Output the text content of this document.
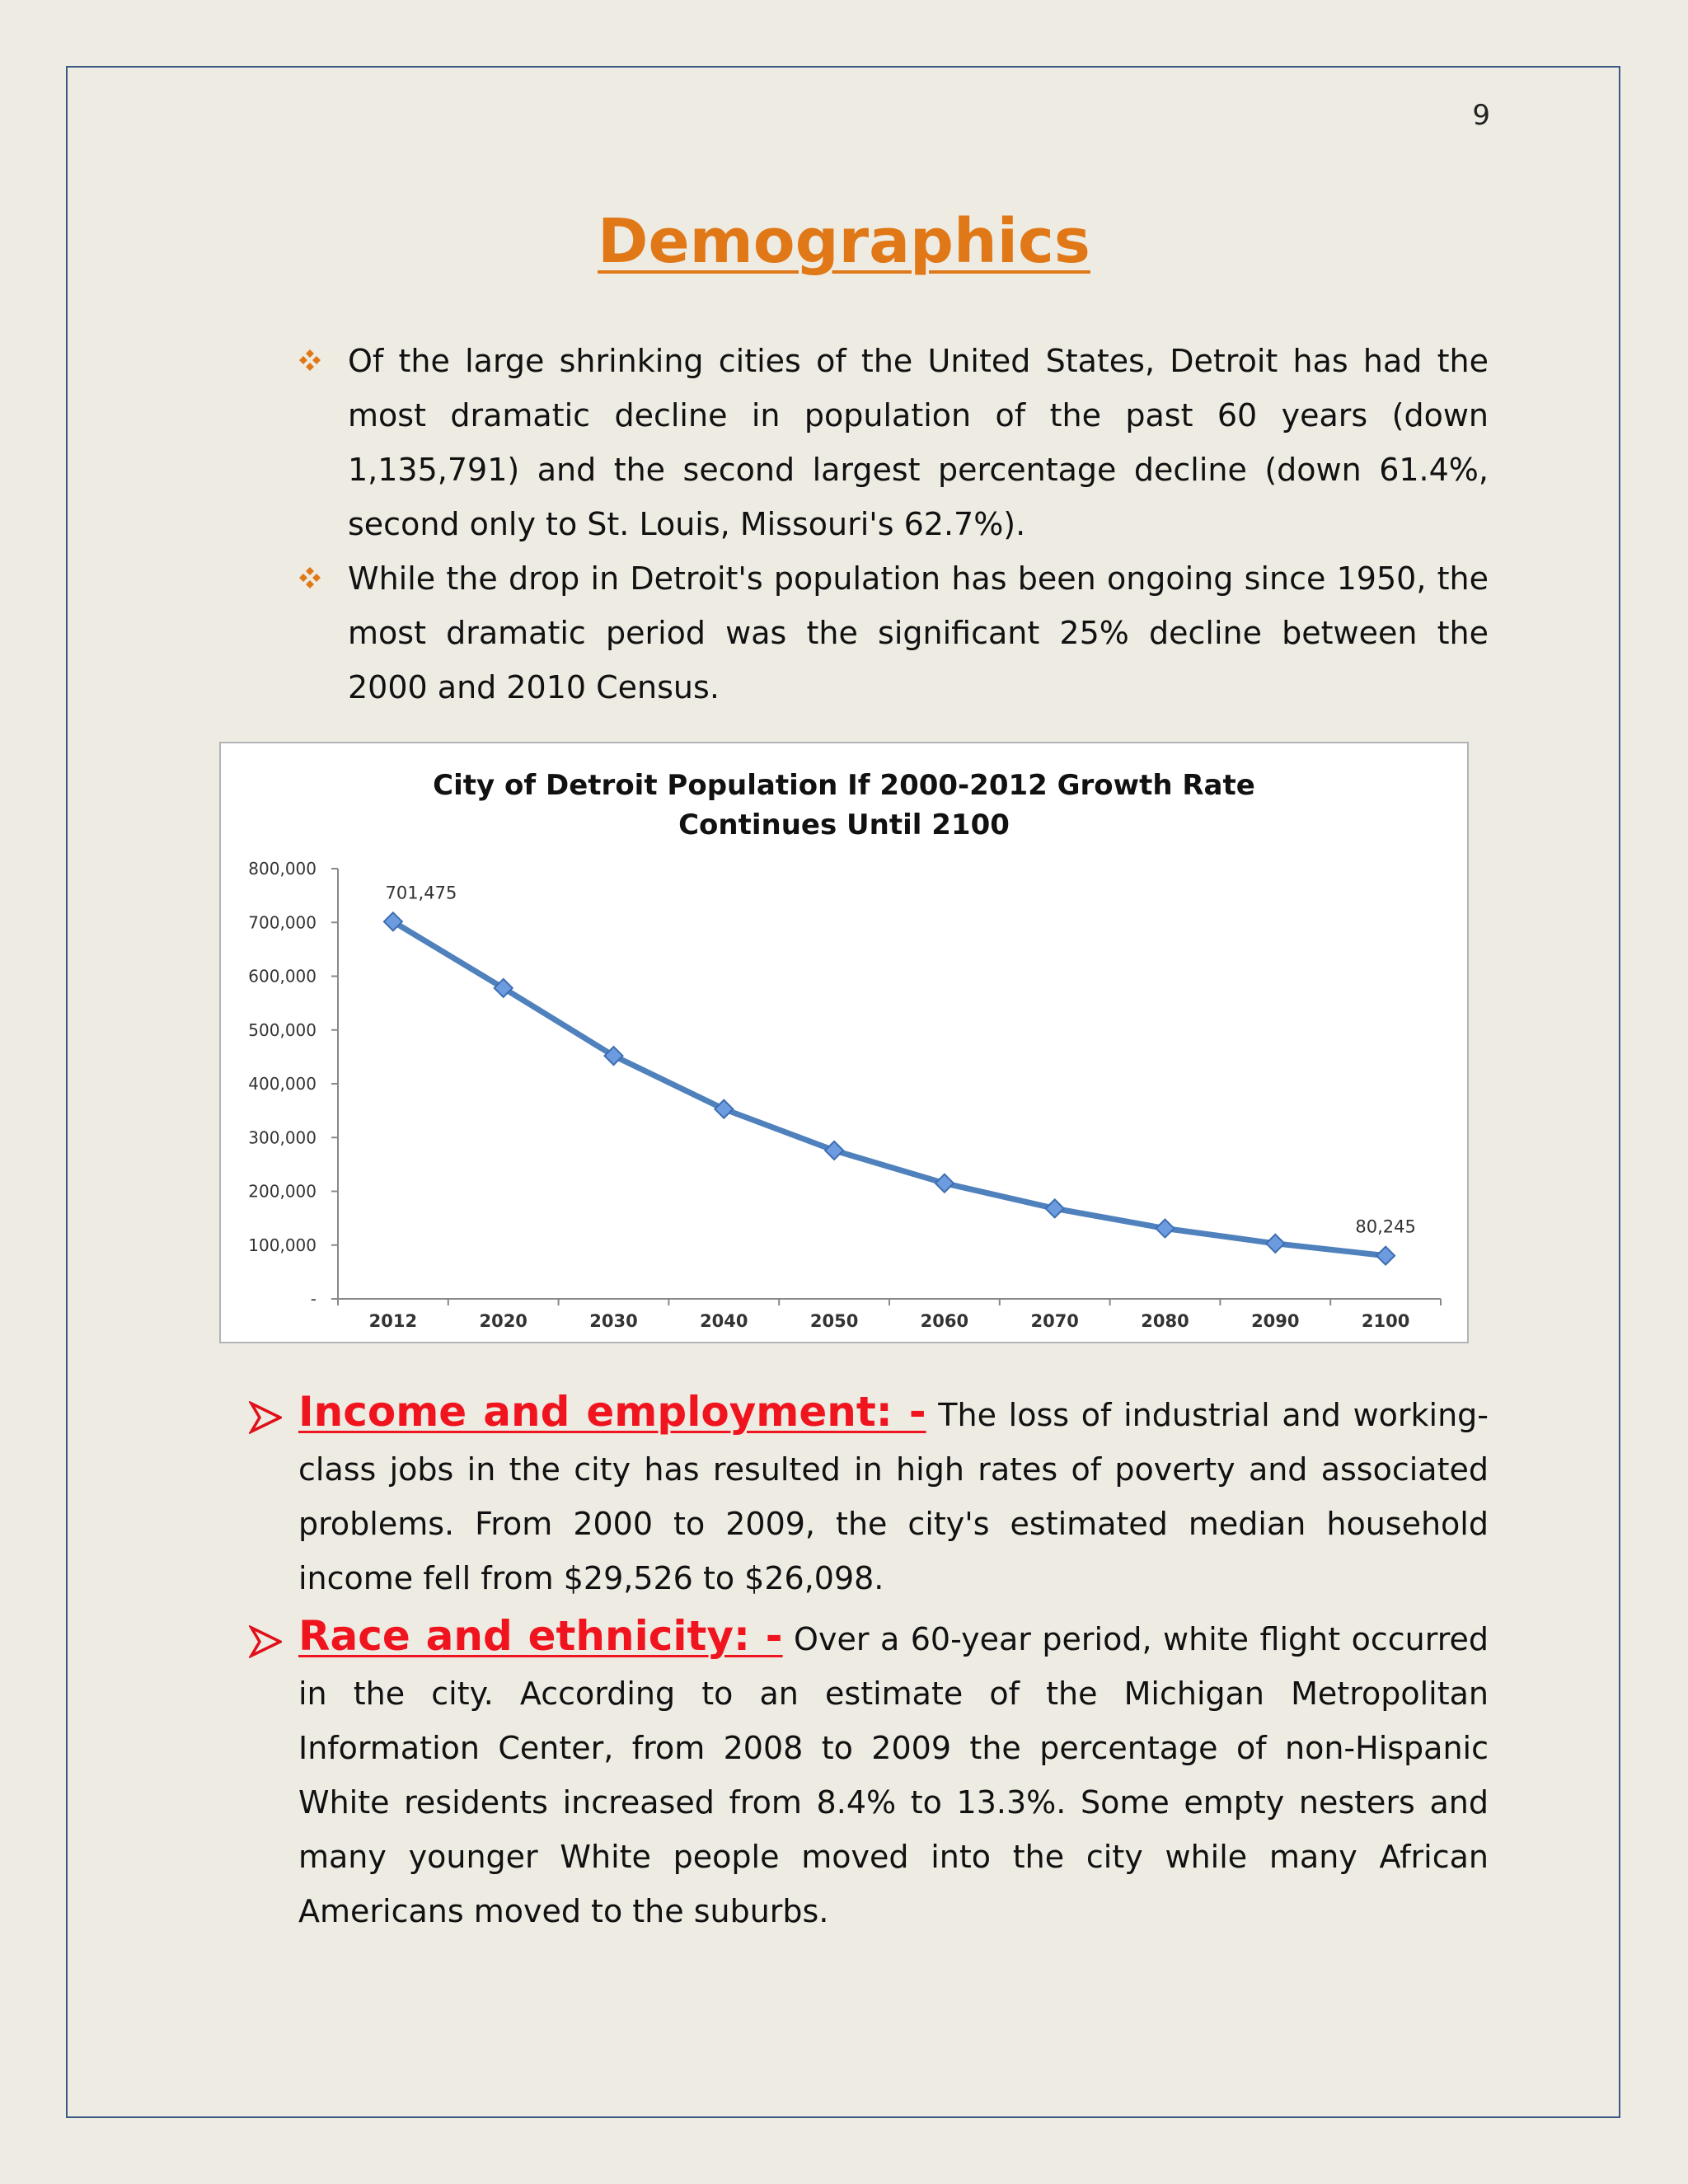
9
Demographics
Of the large shrinking cities of the United States, Detroit has had the most dramatic decline in population of the past 60 years (down 1,135,791) and the second largest percentage decline (down 61.4%, second only to St. Louis, Missouri's 62.7%).
While the drop in Detroit's population has been ongoing since 1950, the most dramatic period was the significant 25% decline between the 2000 and 2010 Census.
City of Detroit Population If 2000-2012 Growth Rate
Continues Until 2100
-
100,000
200,000
300,000
400,000
500,000
600,000
700,000
800,000
2012	2020	2030	2040	2050	2060	2070	2080	2090	2100
701,475
80,245
Income and employment: - The loss of industrial and working-class jobs in the city has resulted in high rates of poverty and associated problems. From 2000 to 2009, the city's estimated median household income fell from $29,526 to $26,098.
Race and ethnicity: - Over a 60-year period, white flight occurred in the city. According to an estimate of the Michigan Metropolitan Information Center, from 2008 to 2009 the percentage of non-Hispanic White residents increased from 8.4% to 13.3%. Some empty nesters and many younger White people moved into the city while many African Americans moved to the suburbs.
